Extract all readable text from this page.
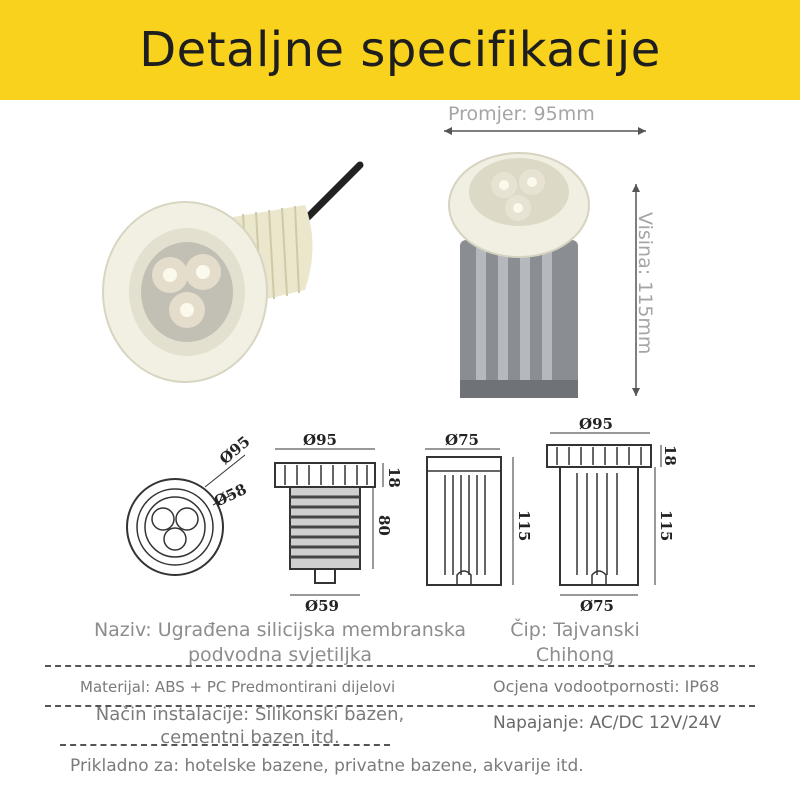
Detaljne specifikacije
Promjer: 95mm
Visina: 115mm
Ø95
Ø58
Ø95
Ø59
18
80
Ø75
115
Ø95
Ø75
18
115
Naziv: Ugrađena silicijska membranska podvodna svjetiljka
Čip: Tajvanski Chihong
Materijal: ABS + PC Predmontirani dijelovi	Ocjena vodootpornosti: IP68
Način instalacije: Silikonski bazen, cementni bazen itd.
Napajanje: AC/DC 12V/24V
Prikladno za: hotelske bazene, privatne bazene, akvarije itd.
